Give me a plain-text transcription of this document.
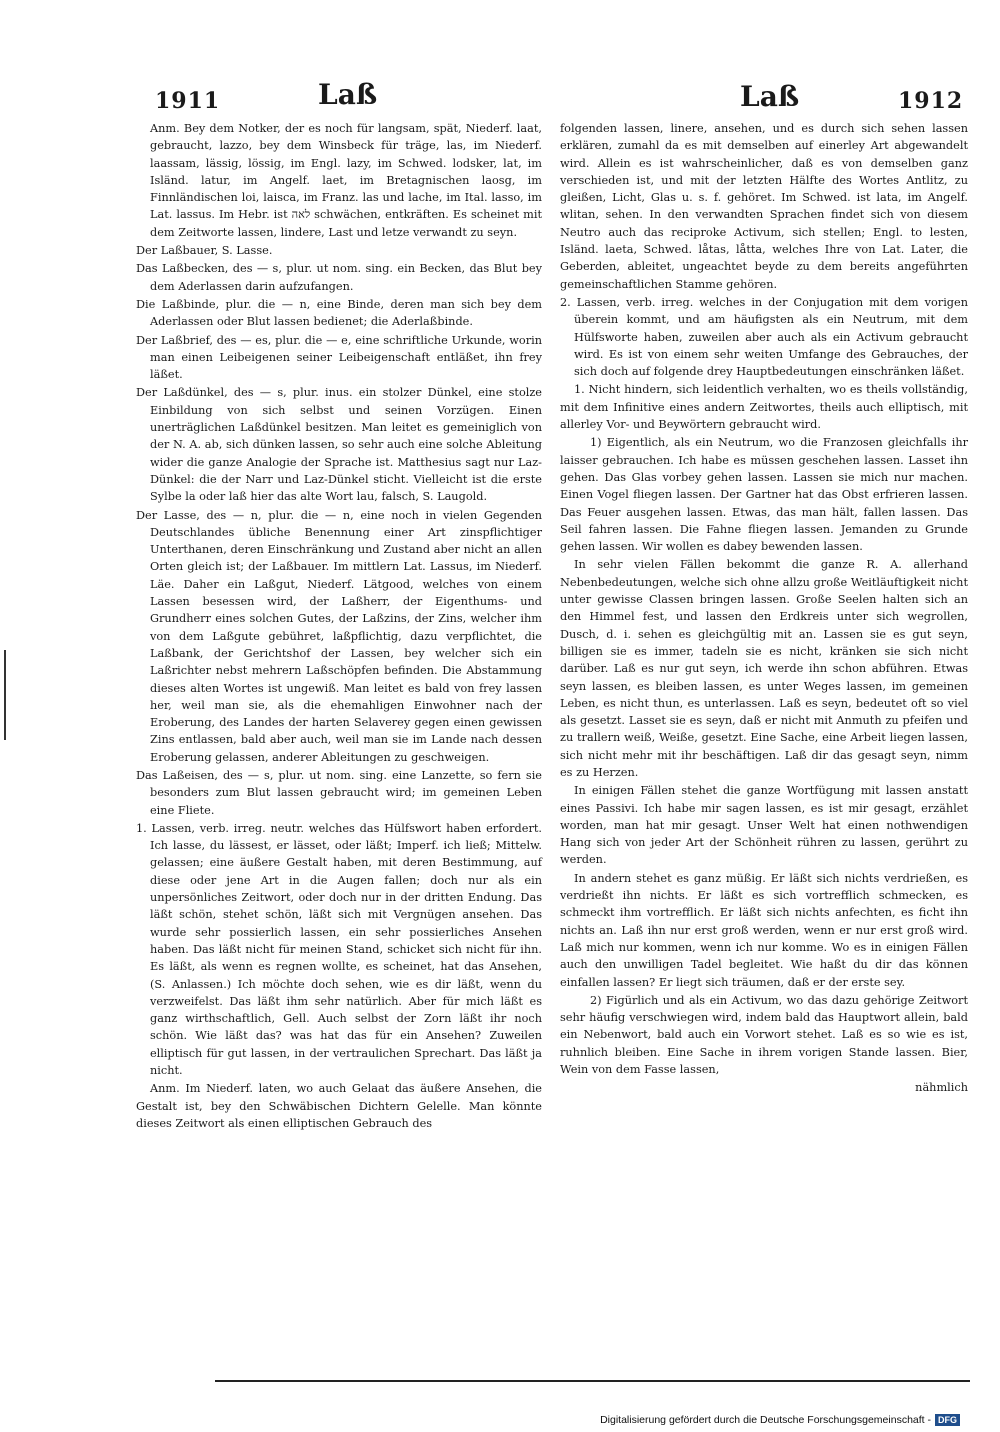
1911	Laß	Laß	1912

Anm. Bey dem Notker, der es noch für langsam, spät, Niederf. laat, gebraucht, lazzo, bey dem Winsbeck für träge, las, im Niederf. laassam, lässig, lössig, im Engl. lazy, im Schwed. lodsker, lat, im Isländ. latur, im Angelf. laet, im Bretagnischen laosg, im Finnländischen loi, laisca, im Franz. las und lache, im Ital. lasso, im Lat. lassus. Im Hebr. ist לאה schwächen, entkräften. Es scheinet mit dem Zeitworte lassen, lindere, Last und letze verwandt zu seyn.

Der Laßbauer, S. Lasse.

Das Laßbecken, des — s, plur. ut nom. sing. ein Becken, das Blut bey dem Aderlassen darin aufzufangen.

Die Laßbinde, plur. die — n, eine Binde, deren man sich bey dem Aderlassen oder Blut lassen bedienet; die Aderlaßbinde.

Der Laßbrief, des — es, plur. die — e, eine schriftliche Urkunde, worin man einen Leibeigenen seiner Leibeigenschaft entläßet, ihn frey läßet.

Der Laßdünkel, des — s, plur. inus. ein stolzer Dünkel, eine stolze Einbildung von sich selbst und seinen Vorzügen. Einen unerträglichen Laßdünkel besitzen. Man leitet es gemeiniglich von der N. A. ab, sich dünken lassen, so sehr auch eine solche Ableitung wider die ganze Analogie der Sprache ist. Matthesius sagt nur Laz-Dünkel: die der Narr und Laz-Dünkel sticht. Vielleicht ist die erste Sylbe la oder laß hier das alte Wort lau, falsch, S. Laugold.

Der Lasse, des — n, plur. die — n, eine noch in vielen Gegenden Deutschlandes übliche Benennung einer Art zinspflichtiger Unterthanen, deren Einschränkung und Zustand aber nicht an allen Orten gleich ist; der Laßbauer. Im mittlern Lat. Lassus, im Niederf. Läe. Daher ein Laßgut, Niederf. Lätgood, welches von einem Lassen besessen wird, der Laßherr, der Eigenthums- und Grundherr eines solchen Gutes, der Laßzins, der Zins, welcher ihm von dem Laßgute gebühret, laßpflichtig, dazu verpflichtet, die Laßbank, der Gerichtshof der Lassen, bey welcher sich ein Laßrichter nebst mehrern Laßschöpfen befinden. Die Abstammung dieses alten Wortes ist ungewiß. Man leitet es bald von frey lassen her, weil man sie, als die ehemahligen Einwohner nach der Eroberung, des Landes der harten Selaverey gegen einen gewissen Zins entlassen, bald aber auch, weil man sie im Lande nach dessen Eroberung gelassen, anderer Ableitungen zu geschweigen.

Das Laßeisen, des — s, plur. ut nom. sing. eine Lanzette, so fern sie besonders zum Blut lassen gebraucht wird; im gemeinen Leben eine Fliete.

1. Lassen, verb. irreg. neutr. welches das Hülfswort haben erfordert. Ich lasse, du lässest, er lässet, oder läßt; Imperf. ich ließ; Mittelw. gelassen; eine äußere Gestalt haben, mit deren Bestimmung, auf diese oder jene Art in die Augen fallen; doch nur als ein unpersönliches Zeitwort, oder doch nur in der dritten Endung. Das läßt schön, stehet schön, läßt sich mit Vergnügen ansehen. Das wurde sehr possierlich lassen, ein sehr possierliches Ansehen haben. Das läßt nicht für meinen Stand, schicket sich nicht für ihn. Es läßt, als wenn es regnen wollte, es scheinet, hat das Ansehen, (S. Anlassen.) Ich möchte doch sehen, wie es dir läßt, wenn du verzweifelst. Das läßt ihm sehr natürlich. Aber für mich läßt es ganz wirthschaftlich, Gell. Auch selbst der Zorn läßt ihr noch schön. Wie läßt das? was hat das für ein Ansehen? Zuweilen elliptisch für gut lassen, in der vertraulichen Sprechart. Das läßt ja nicht.

Anm. Im Niederf. laten, wo auch Gelaat das äußere Ansehen, die Gestalt ist, bey den Schwäbischen Dichtern Gelelle. Man könnte dieses Zeitwort als einen elliptischen Gebrauch des

folgenden lassen, linere, ansehen, und es durch sich sehen lassen erklären, zumahl da es mit demselben auf einerley Art abgewandelt wird. Allein es ist wahrscheinlicher, daß es von demselben ganz verschieden ist, und mit der letzten Hälfte des Wortes Antlitz, zu gleißen, Licht, Glas u. s. f. gehöret. Im Schwed. ist lata, im Angelf. wlitan, sehen. In den verwandten Sprachen findet sich von diesem Neutro auch das reciproke Activum, sich stellen; Engl. to lesten, Isländ. laeta, Schwed. låtas, låtta, welches Ihre von Lat. Later, die Geberden, ableitet, ungeachtet beyde zu dem bereits angeführten gemeinschaftlichen Stamme gehören.

2. Lassen, verb. irreg. welches in der Conjugation mit dem vorigen überein kommt, und am häufigsten als ein Neutrum, mit dem Hülfsworte haben, zuweilen aber auch als ein Activum gebraucht wird. Es ist von einem sehr weiten Umfange des Gebrauches, der sich doch auf folgende drey Hauptbedeutungen einschränken läßet.

1. Nicht hindern, sich leidentlich verhalten, wo es theils vollständig, mit dem Infinitive eines andern Zeitwortes, theils auch elliptisch, mit allerley Vor- und Beywörtern gebraucht wird.

1) Eigentlich, als ein Neutrum, wo die Franzosen gleichfalls ihr laisser gebrauchen. Ich habe es müssen geschehen lassen. Lasset ihn gehen. Das Glas vorbey gehen lassen. Lassen sie mich nur machen. Einen Vogel fliegen lassen. Der Gartner hat das Obst erfrieren lassen. Das Feuer ausgehen lassen. Etwas, das man hält, fallen lassen. Das Seil fahren lassen. Die Fahne fliegen lassen. Jemanden zu Grunde gehen lassen. Wir wollen es dabey bewenden lassen.

In sehr vielen Fällen bekommt die ganze R. A. allerhand Nebenbedeutungen, welche sich ohne allzu große Weitläuftigkeit nicht unter gewisse Classen bringen lassen. Große Seelen halten sich an den Himmel fest, und lassen den Erdkreis unter sich wegrollen, Dusch, d. i. sehen es gleichgültig mit an. Lassen sie es gut seyn, billigen sie es immer, tadeln sie es nicht, kränken sie sich nicht darüber. Laß es nur gut seyn, ich werde ihn schon abführen. Etwas seyn lassen, es bleiben lassen, es unter Weges lassen, im gemeinen Leben, es nicht thun, es unterlassen. Laß es seyn, bedeutet oft so viel als gesetzt. Lasset sie es seyn, daß er nicht mit Anmuth zu pfeifen und zu trallern weiß, Weiße, gesetzt. Eine Sache, eine Arbeit liegen lassen, sich nicht mehr mit ihr beschäftigen. Laß dir das gesagt seyn, nimm es zu Herzen.

In einigen Fällen stehet die ganze Wortfügung mit lassen anstatt eines Passivi. Ich habe mir sagen lassen, es ist mir gesagt, erzählet worden, man hat mir gesagt. Unser Welt hat einen nothwendigen Hang sich von jeder Art der Schönheit rühren zu lassen, gerührt zu werden.

In andern stehet es ganz müßig. Er läßt sich nichts verdrießen, es verdrießt ihn nichts. Er läßt es sich vortrefflich schmecken, es schmeckt ihm vortrefflich. Er läßt sich nichts anfechten, es ficht ihn nichts an. Laß ihn nur erst groß werden, wenn er nur erst groß wird. Laß mich nur kommen, wenn ich nur komme. Wo es in einigen Fällen auch den unwilligen Tadel begleitet. Wie haßt du dir das können einfallen lassen? Er liegt sich träumen, daß er der erste sey.

2) Figürlich und als ein Activum, wo das dazu gehörige Zeitwort sehr häufig verschwiegen wird, indem bald das Hauptwort allein, bald ein Nebenwort, bald auch ein Vorwort stehet. Laß es so wie es ist, ruhnlich bleiben. Eine Sache in ihrem vorigen Stande lassen. Bier, Wein von dem Fasse lassen,

nähmlich

Digitalisierung gefördert durch die Deutsche Forschungsgemeinschaft - DFG
